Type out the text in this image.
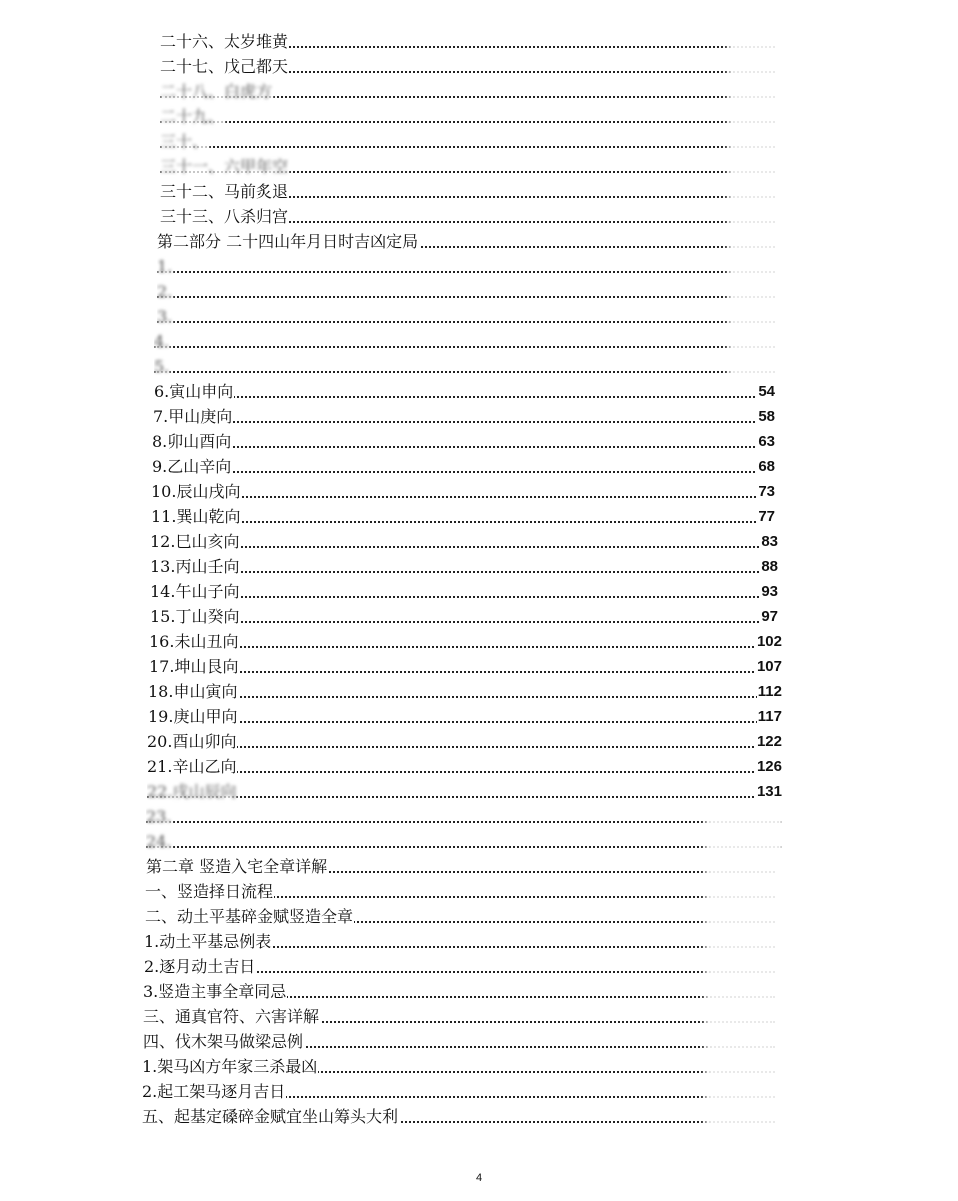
二十六、太岁堆黄
二十七、戊己都天
二十八、白虎方
二十九、
三十、
三十一、六甲年空
三十二、马前炙退
三十三、八杀归宫
第二部分 二十四山年月日时吉凶定局
1.
2.
3.
4.
5.
6.寅山申向	54
7.甲山庚向	58
8.卯山酉向	63
9.乙山辛向	68
10.辰山戌向	73
11.巽山乾向	77
12.巳山亥向	83
13.丙山壬向	88
14.午山子向	93
15.丁山癸向	97
16.未山丑向	102
17.坤山艮向	107
18.申山寅向	112
19.庚山甲向	117
20.酉山卯向	122
21.辛山乙向	126
22.戌山辰向	131
23.
24.
第二章 竖造入宅全章详解
一、竖造择日流程
二、动土平基碎金赋竖造全章
1.动土平基忌例表
2.逐月动土吉日
3.竖造主事全章同忌
三、通真官符、六害详解
四、伐木架马做梁忌例
1.架马凶方年家三杀最凶
2.起工架马逐月吉日
五、起基定磉碎金赋宜坐山筹头大利
4
